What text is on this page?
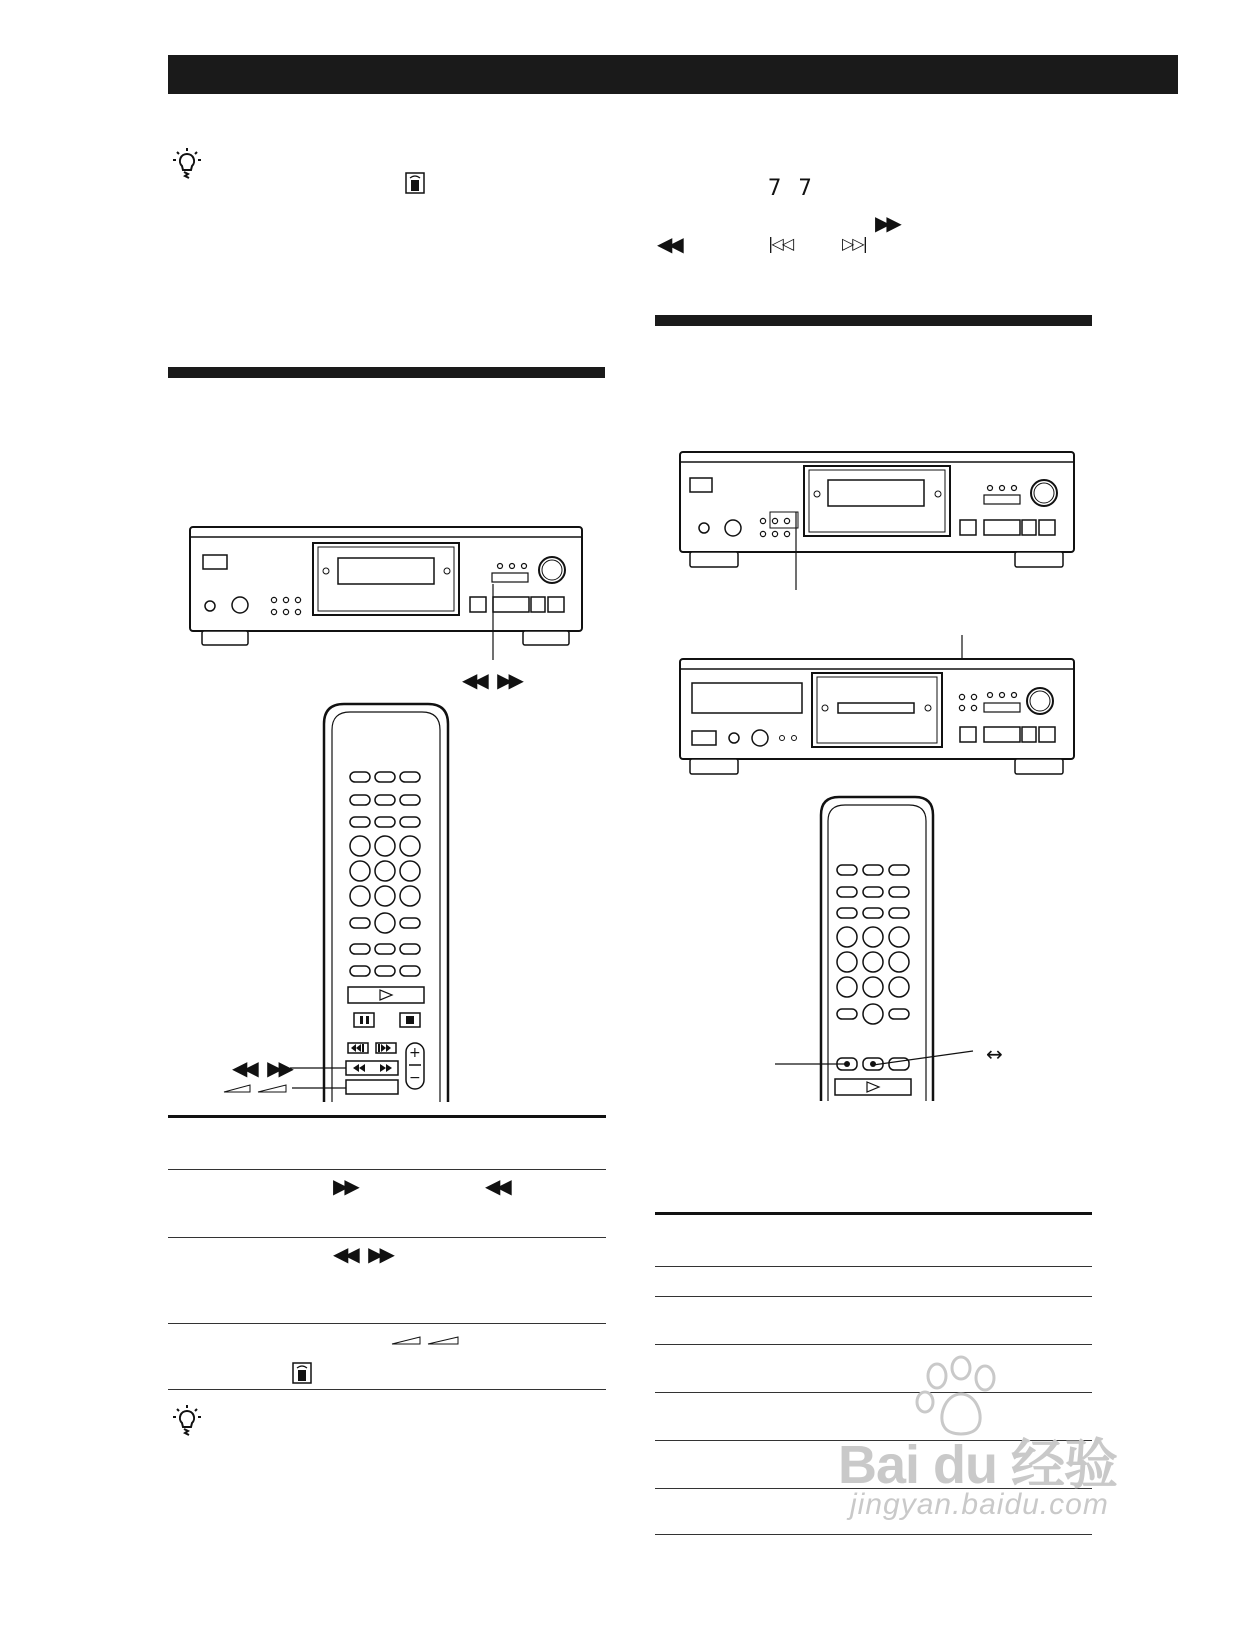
◀◀ ▶▶
+
−
◀◀ ▶▶
▶▶	◀◀
◀◀ ▶▶
7 7
▶▶
◀◀	|◁◁	▷▷|
↔
Bai du 经验
jingyan.baidu.com
